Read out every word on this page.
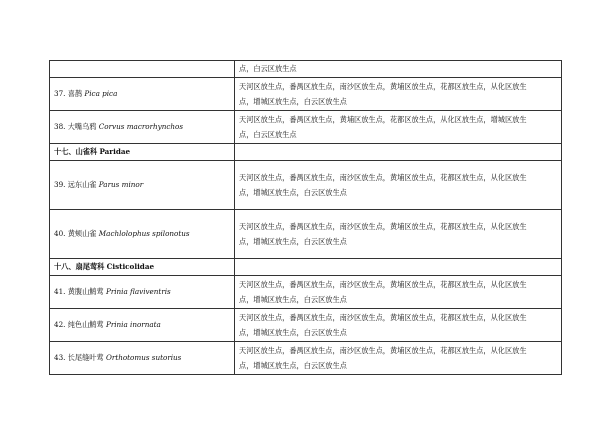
	点，白云区放生点
37. 喜鹊 Pica pica	天河区放生点，番禺区放生点，南沙区放生点，黄埔区放生点，花都区放生点，从化区放生
点，增城区放生点，白云区放生点
38. 大嘴乌鸦 Corvus macrorhynchos	天河区放生点，番禺区放生点，黄埔区放生点，花都区放生点，从化区放生点，增城区放生
点，白云区放生点
十七、山雀科 Paridae	
39. 远东山雀 Parus minor	天河区放生点，番禺区放生点，南沙区放生点，黄埔区放生点，花都区放生点，从化区放生
点，增城区放生点，白云区放生点
40. 黄颊山雀 Machlolophus spilonotus	天河区放生点，番禺区放生点，南沙区放生点，黄埔区放生点，花都区放生点，从化区放生
点，增城区放生点，白云区放生点
十八、扇尾莺科 Cisticolidae	
41. 黄腹山鹪莺 Prinia flaviventris	天河区放生点，番禺区放生点，南沙区放生点，黄埔区放生点，花都区放生点，从化区放生
点，增城区放生点，白云区放生点
42. 纯色山鹪莺 Prinia inornata	天河区放生点，番禺区放生点，南沙区放生点，黄埔区放生点，花都区放生点，从化区放生
点，增城区放生点，白云区放生点
43. 长尾缝叶莺 Orthotomus sutorius	天河区放生点，番禺区放生点，南沙区放生点，黄埔区放生点，花都区放生点，从化区放生
点，增城区放生点，白云区放生点
